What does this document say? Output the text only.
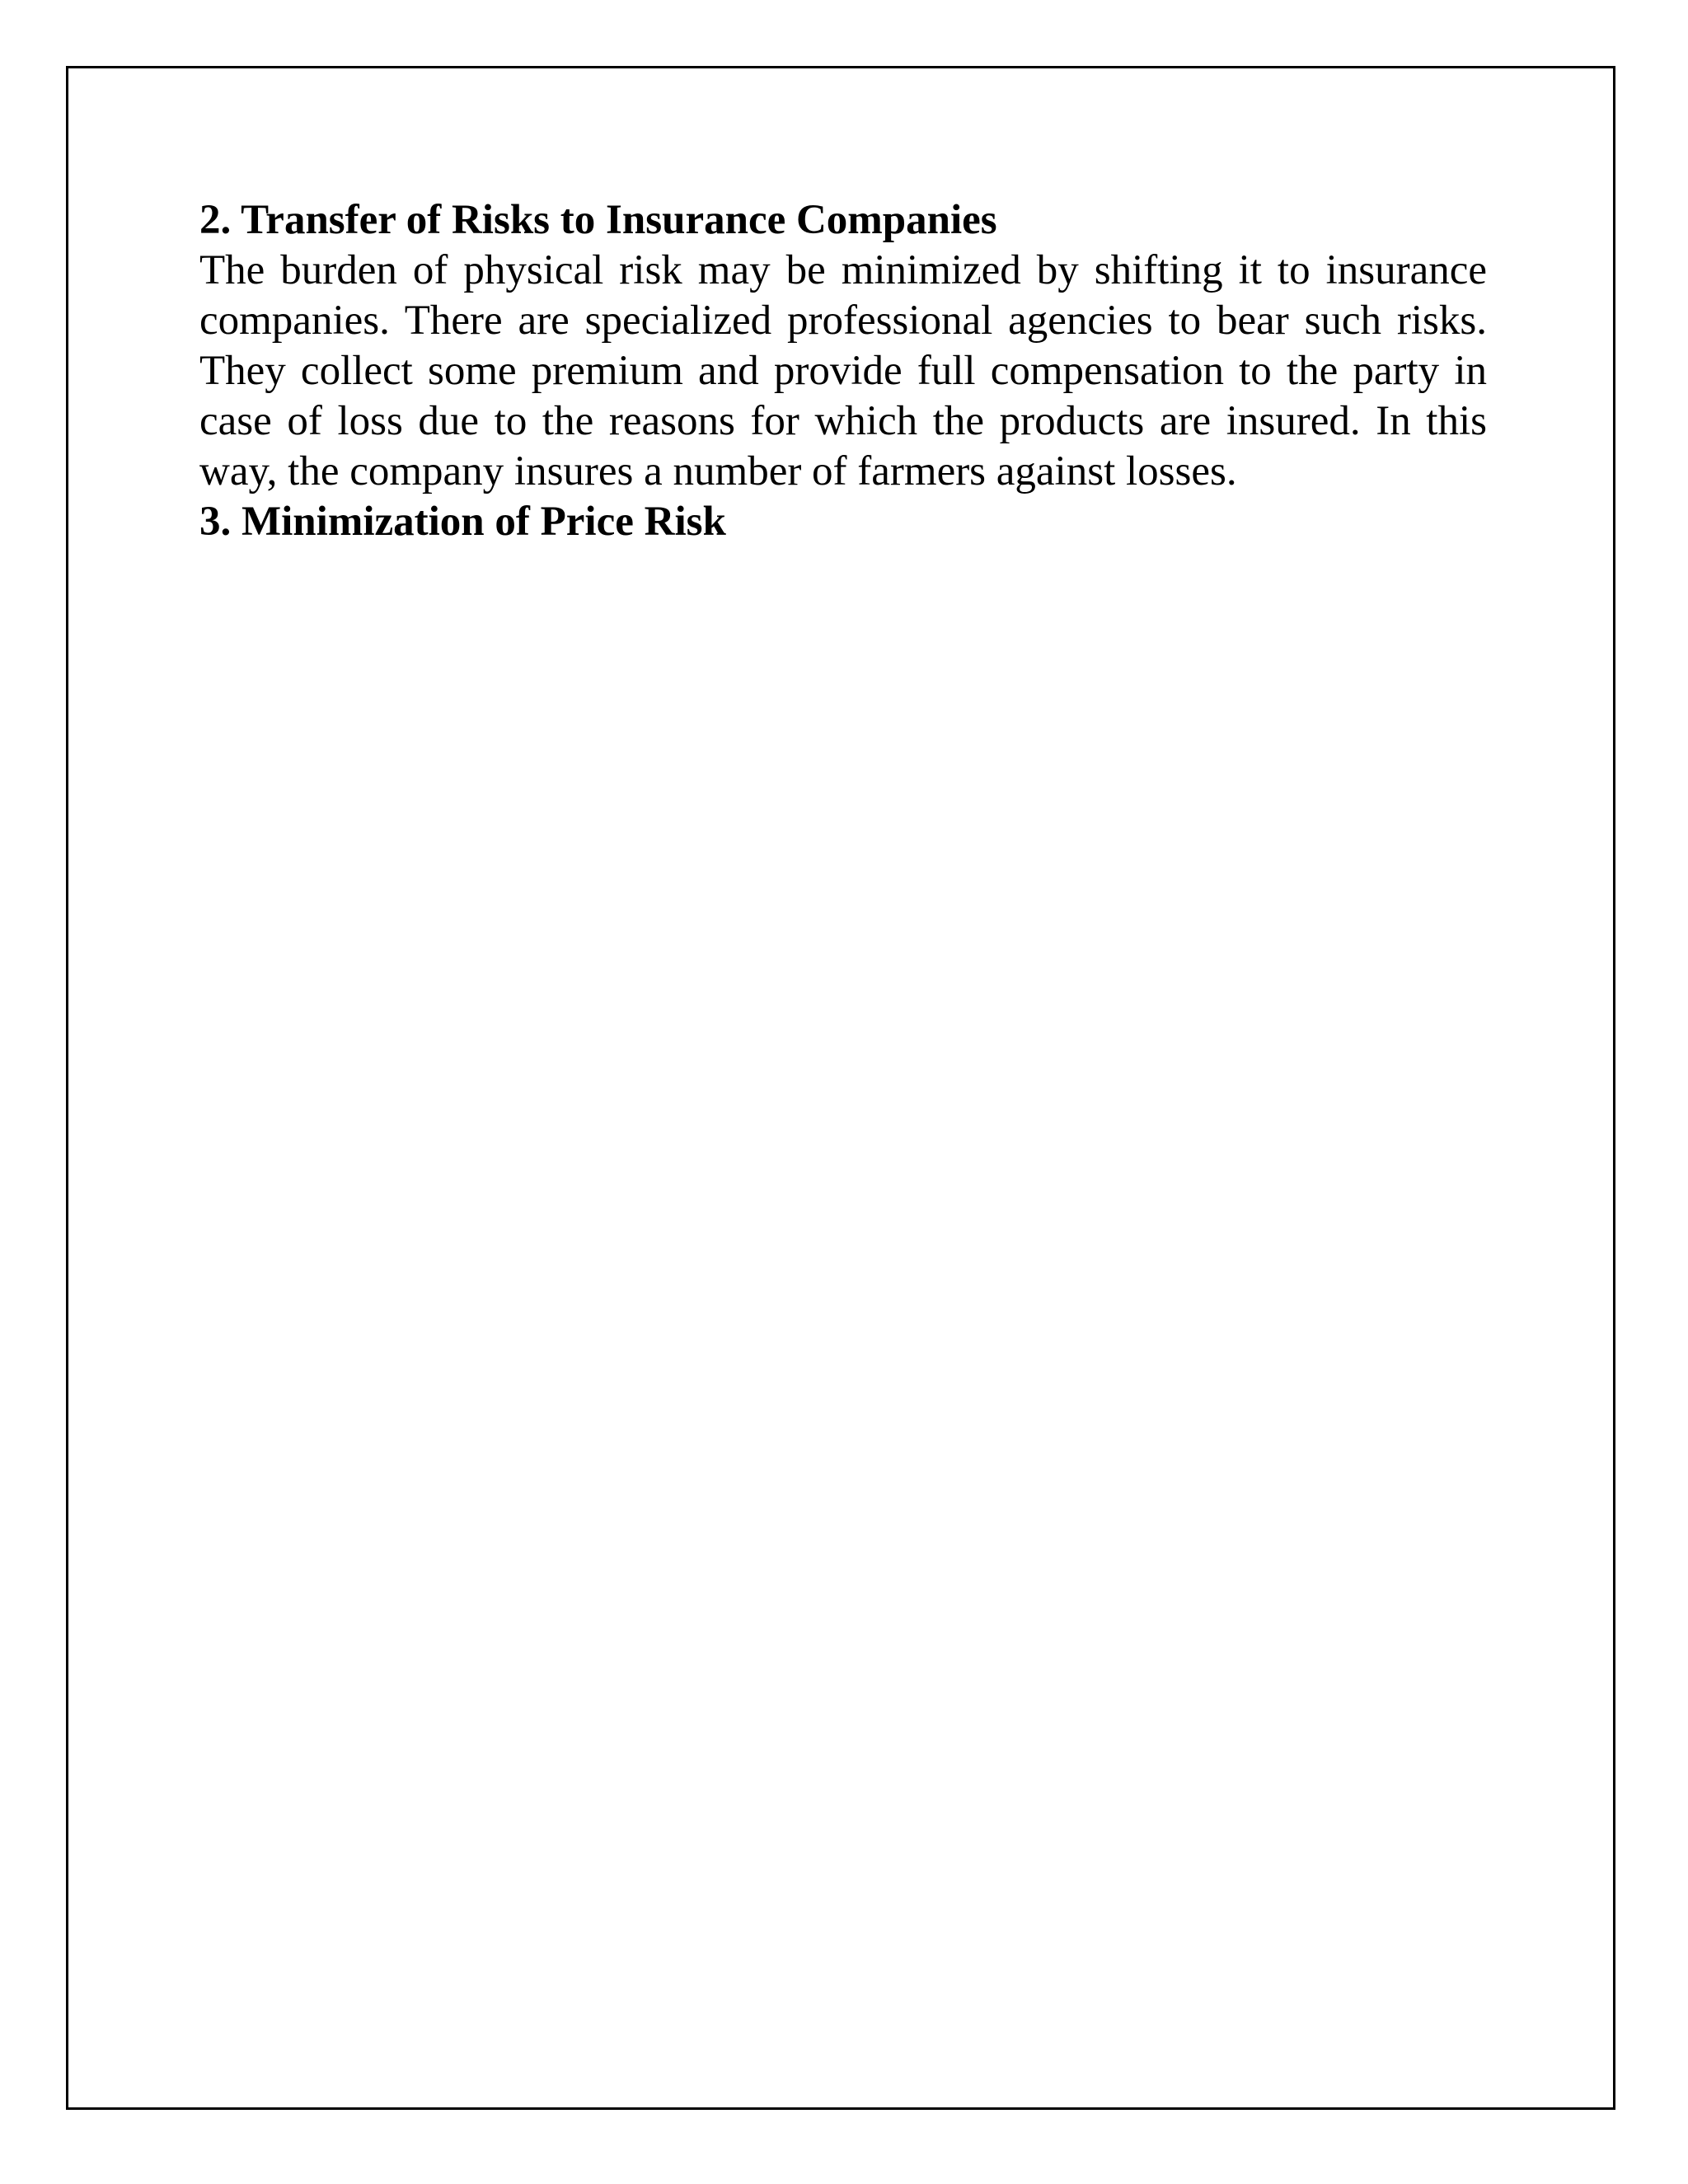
2. Transfer of Risks to Insurance Companies

The burden of physical risk may be minimized by shifting it to insurance companies. There are specialized professional agencies to bear such risks. They collect some premium and provide full compensation to the party in case of loss due to the reasons for which the products are insured. In this way, the company insures a number of farmers against losses.

3. Minimization of Price Risk
